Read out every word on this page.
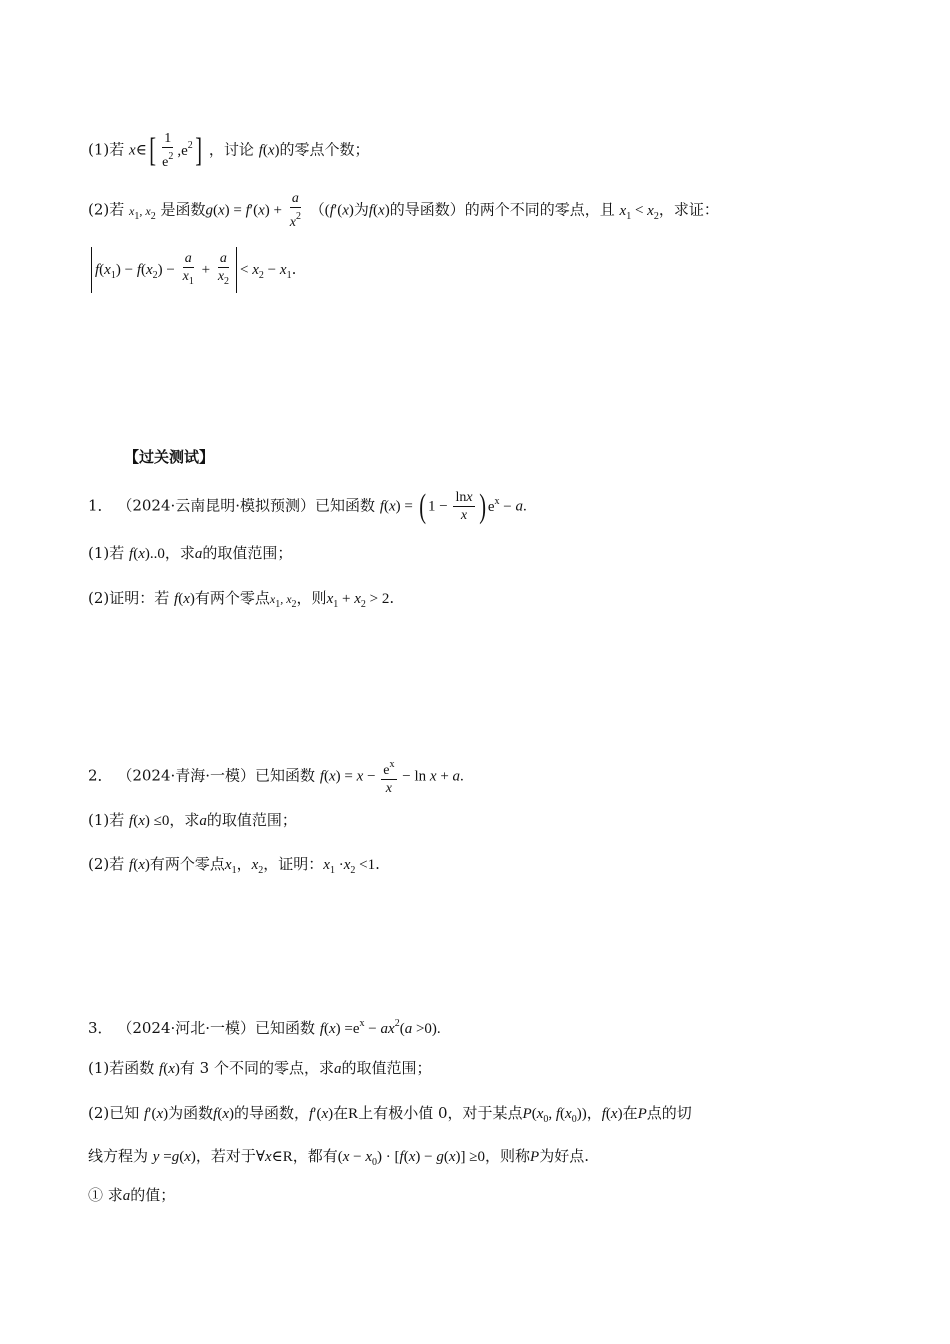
(1)若 x∈[ $\frac{1}{e^2} ,e^2$] ，讨论 f(x)的零点个数；
(2)若 $x_1$, $x_2$ 是函数$g(x) = f'(x) + \frac{a}{x^2} ((f'(x)$为f(x)的导函数）的两个不同的零点，且 $x_1 < x_2$，求证：
$f(x_1) - f(x_2) - \frac{a}{x_1} + \frac{a}{x_2} < x_2 - x_1$.
【过关测试】
1． （2024·云南昆明·模拟预测）已知函数 f(x) = ( $1 - \frac{\ln x}{x}$ ) $e^x - a$.
(1)若 f(x)..0，求a的取值范围；
(2)证明：若 f(x)有两个零点$x_1$, $x_2$，则$x_1 + x_2 > 2$.
2． （2024·青海·一模）已知函数 $f(x) = x - \frac{e^x}{x} - \ln x + a$.
(1)若 f(x) ≤0，求a的取值范围；
(2)若 f(x)有两个零点$x_1$，$x_2$，证明：$x_1 \cdot x_2 <1$.
3． （2024·河北·一模）已知函数 $f(x) =e^x - ax^2(a >0)$.
(1)若函数 f(x)有 3 个不同的零点，求a的取值范围；
(2)已知 f′(x)为函数f(x)的导函数，f′(x)在R上有极小值 0，对于某点$P(x_0$, $f(x_0)$)，f(x)在P点的切
线方程为 y =g(x)，若对于∀x∈R，都有$(x - x_0) \cdot [f(x) - g(x)] \ge 0$，则称P为好点.
① 求a的值；
